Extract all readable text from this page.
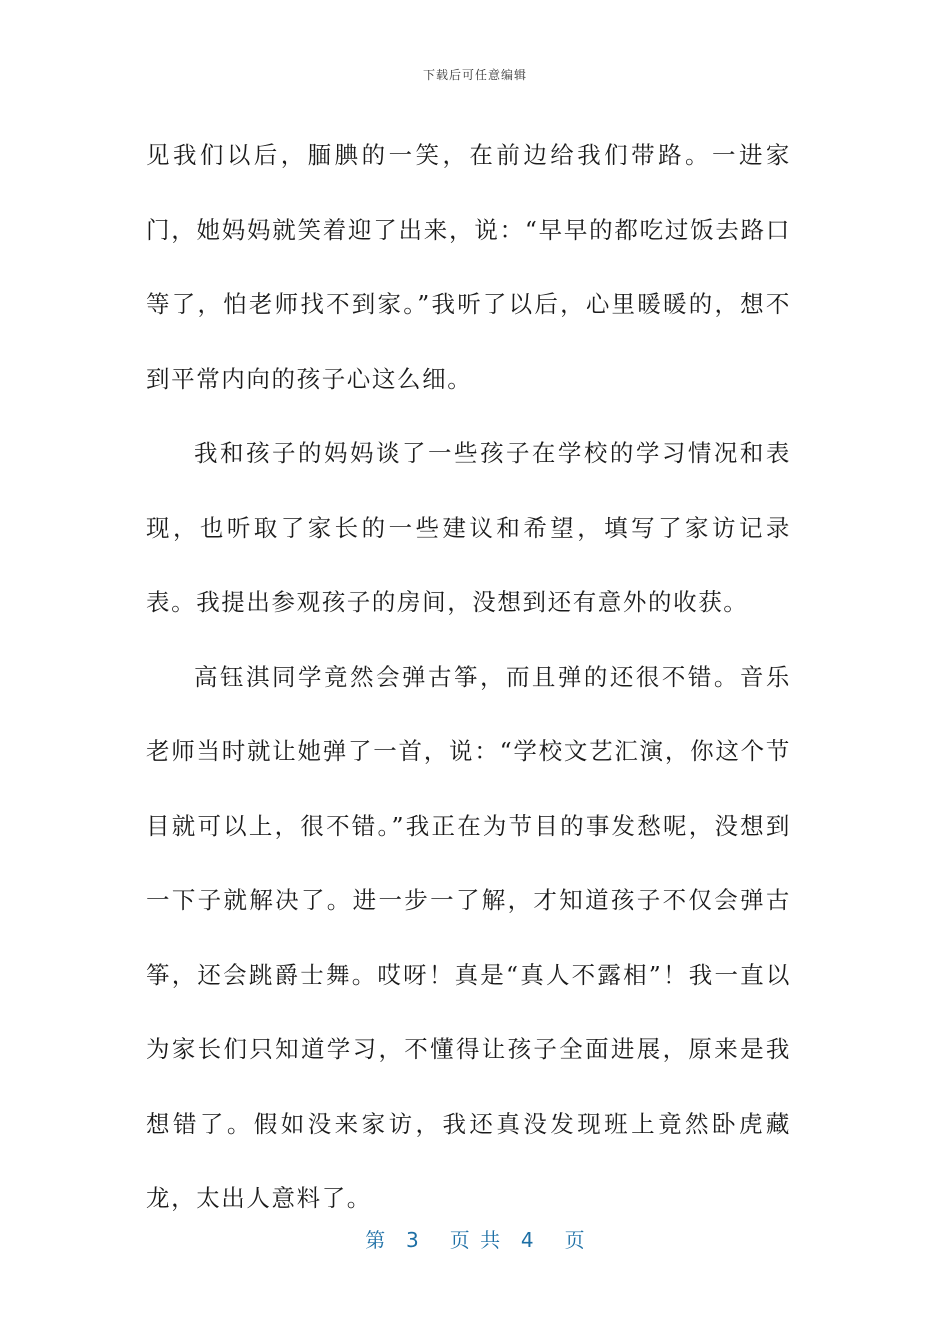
下载后可任意编辑

见我们以后，腼腆的一笑，在前边给我们带路。一进家门，她妈妈就笑着迎了出来，说：“早早的都吃过饭去路口等了，怕老师找不到家。”我听了以后，心里暖暖的，想不到平常内向的孩子心这么细。

我和孩子的妈妈谈了一些孩子在学校的学习情况和表现，也听取了家长的一些建议和希望，填写了家访记录表。我提出参观孩子的房间，没想到还有意外的收获。

高钰淇同学竟然会弹古筝，而且弹的还很不错。音乐老师当时就让她弹了一首，说：“学校文艺汇演，你这个节目就可以上，很不错。”我正在为节目的事发愁呢，没想到一下子就解决了。进一步一了解，才知道孩子不仅会弹古筝，还会跳爵士舞。哎呀！真是“真人不露相”！我一直以为家长们只知道学习，不懂得让孩子全面进展，原来是我想错了。假如没来家访，我还真没发现班上竟然卧虎藏龙，太出人意料了。

第  3   页 共  4   页
